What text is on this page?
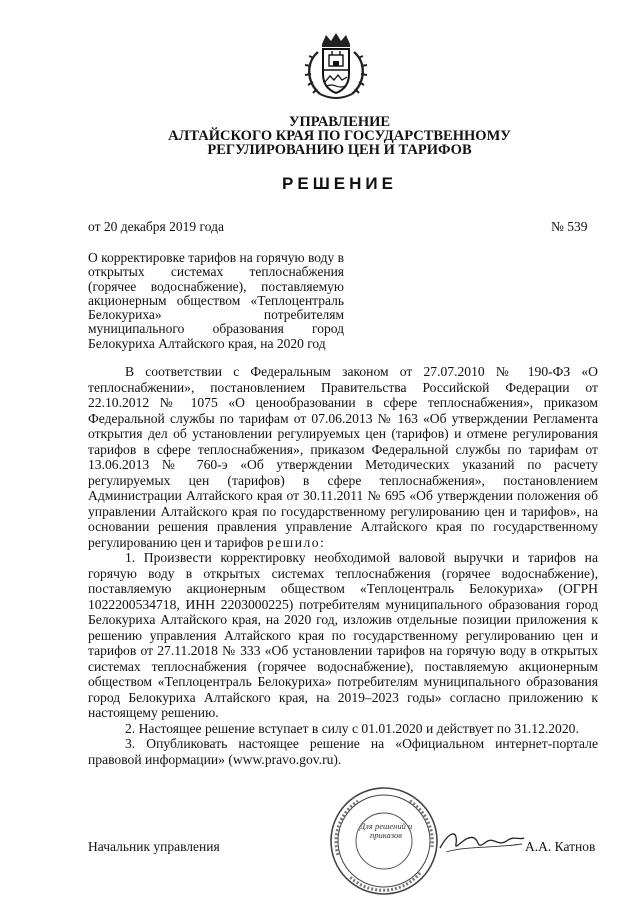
УПРАВЛЕНИЕ
АЛТАЙСКОГО КРАЯ ПО ГОСУДАРСТВЕННОМУ
РЕГУЛИРОВАНИЮ ЦЕН И ТАРИФОВ
РЕШЕНИЕ
от 20 декабря 2019 года	№ 539
О корректировке тарифов на горячую воду в открытых системах теплоснабжения (горячее водоснабжение), поставляемую акционерным обществом «Теплоцентраль Белокуриха» потребителям муниципального образования город Белокуриха Алтайского края, на 2020 год

В соответствии с Федеральным законом от 27.07.2010 № 190-ФЗ «О теплоснабжении», постановлением Правительства Российской Федерации от 22.10.2012 № 1075 «О ценообразовании в сфере теплоснабжения», приказом Федеральной службы по тарифам от 07.06.2013 № 163 «Об утверждении Регламента открытия дел об установлении регулируемых цен (тарифов) и отмене регулирования тарифов в сфере теплоснабжения», приказом Федеральной службы по тарифам от 13.06.2013 № 760-э «Об утверждении Методических указаний по расчету регулируемых цен (тарифов) в сфере теплоснабжения», постановлением Администрации Алтайского края от 30.11.2011 № 695 «Об утверждении положения об управлении Алтайского края по государственному регулированию цен и тарифов», на основании решения правления управление Алтайского края по государственному регулированию цен и тарифов решило:

1. Произвести корректировку необходимой валовой выручки и тарифов на горячую воду в открытых системах теплоснабжения (горячее водоснабжение), поставляемую акционерным обществом «Теплоцентраль Белокуриха» (ОГРН 1022200534718, ИНН 2203000225) потребителям муниципального образования город Белокуриха Алтайского края, на 2020 год, изложив отдельные позиции приложения к решению управления Алтайского края по государственному регулированию цен и тарифов от 27.11.2018 № 333 «Об установлении тарифов на горячую воду в открытых системах теплоснабжения (горячее водоснабжение), поставляемую акционерным обществом «Теплоцентраль Белокуриха» потребителям муниципального образования город Белокуриха Алтайского края, на 2019–2023 годы» согласно приложению к настоящему решению.

2. Настоящее решение вступает в силу с 01.01.2020 и действует по 31.12.2020.

3. Опубликовать настоящее решение на «Официальном интернет-портале правовой информации» (www.pravo.gov.ru).

Для решений и приказов
Начальник управления	А.А. Катнов
